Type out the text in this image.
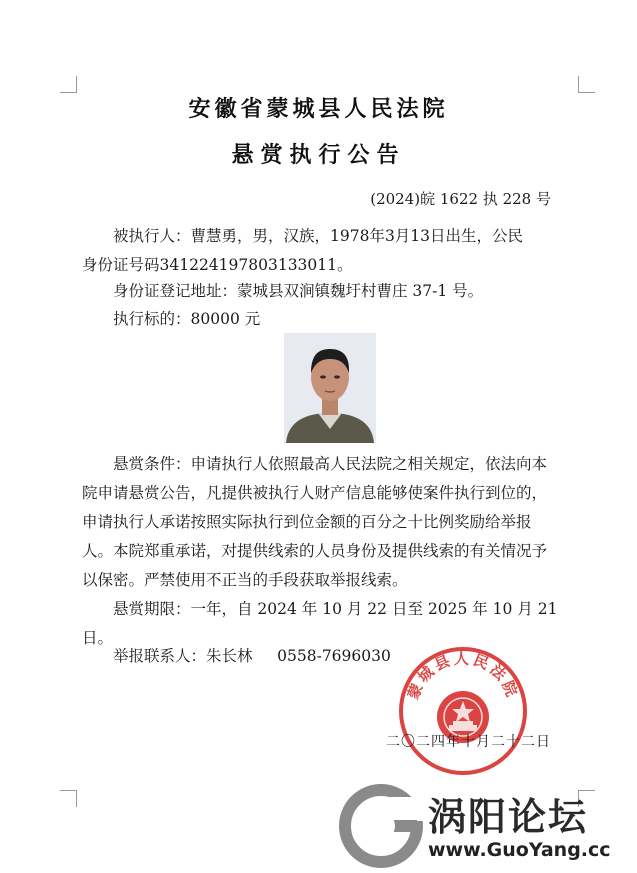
安徽省蒙城县人民法院
悬赏执行公告
(2024)皖 1622 执 228 号
被执行人：曹慧勇，男，汉族，1978年3月13日出生，公民
身份证号码341224197803133011。
身份证登记地址：蒙城县双涧镇魏圩村曹庄 37-1 号。
执行标的：80000 元
悬赏条件：申请执行人依照最高人民法院之相关规定，依法向本院申请悬赏公告，凡提供被执行人财产信息能够使案件执行到位的，申请执行人承诺按照实际执行到位金额的百分之十比例奖励给举报人。本院郑重承诺，对提供线索的人员身份及提供线索的有关情况予以保密。严禁使用不正当的手段获取举报线索。
悬赏期限：一年，自 2024 年 10 月 22 日至 2025 年 10 月 21 日。
举报联系人：朱长林     0558-7696030
蒙城县人民法院
二〇二四年十月二十二日
涡阳论坛
www.GuoYang.cc
